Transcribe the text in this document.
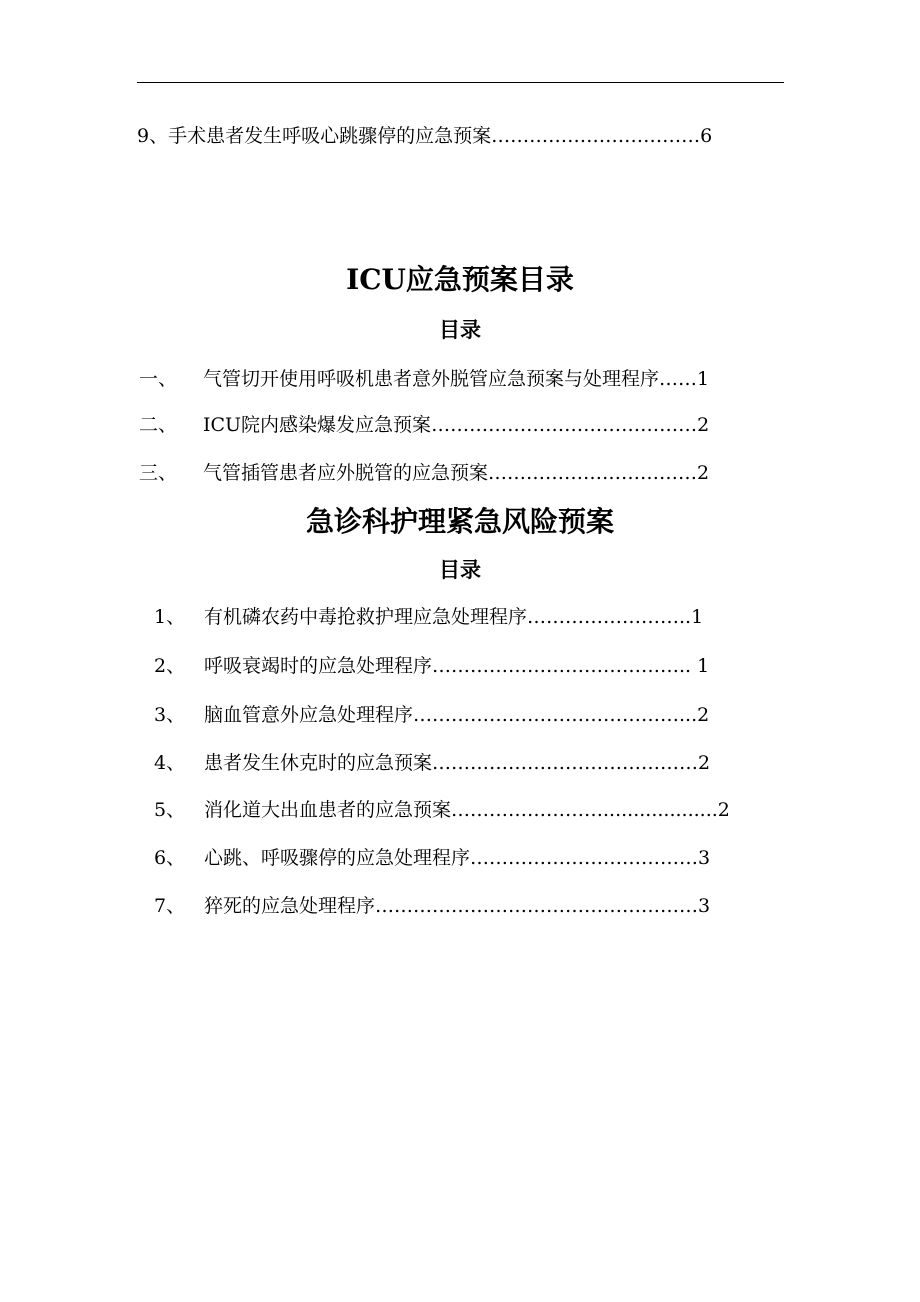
9、手术患者发生呼吸心跳骤停的应急预案……………………………6
ICU应急预案目录
目录
一、 气管切开使用呼吸机患者意外脱管应急预案与处理程序……1
二、 ICU院内感染爆发应急预案……………………………………2
三、 气管插管患者应外脱管的应急预案……………………………2
急诊科护理紧急风险预案
目录
1、 有机磷农药中毒抢救护理应急处理程序……………………..1
2、 呼吸衰竭时的应急处理程序………………………………….. 1
3、 脑血管意外应急处理程序……………………………………...2
4、 患者发生休克时的应急预案……………………………………2
5、 消化道大出血患者的应急预案……………………...................2
6、 心跳、呼吸骤停的应急处理程序………………………………3
7、 猝死的应急处理程序……………………………………………3
